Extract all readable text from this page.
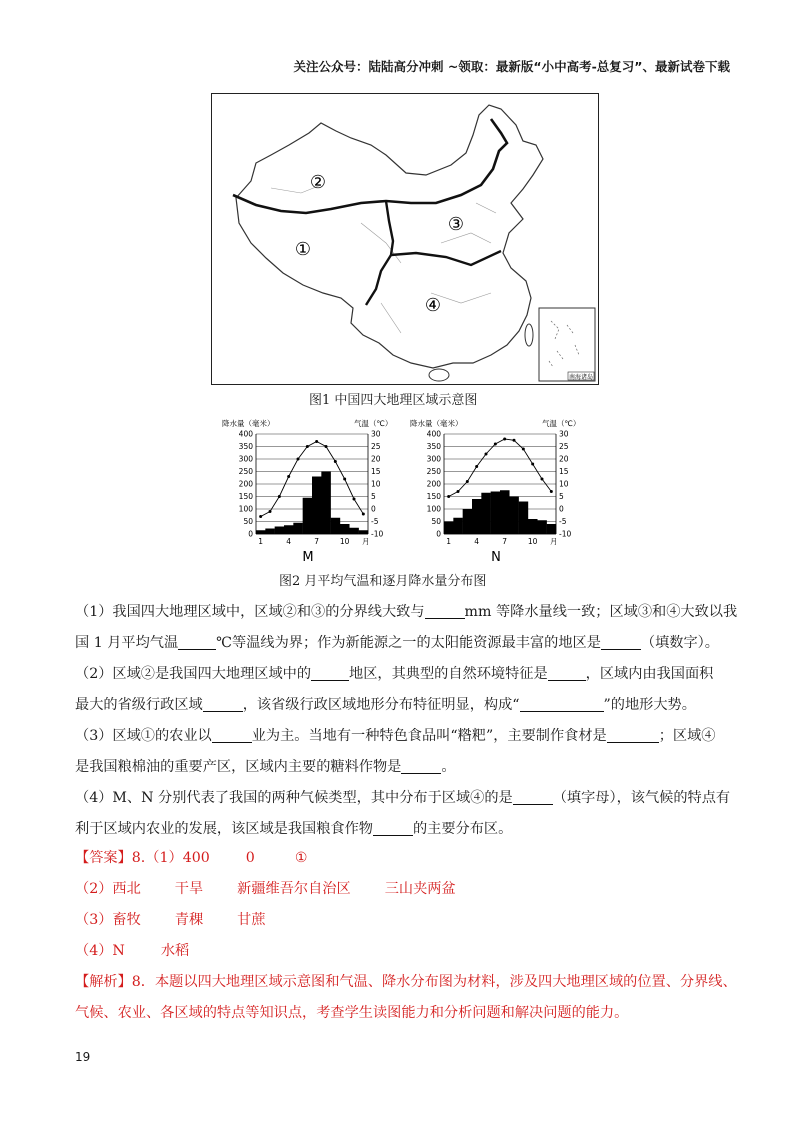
关注公众号：陆陆高分冲刺 ~领取：最新版“小中高考-总复习”、最新试卷下载
②
①
③
④
南海诸岛
图1 中国四大地理区域示意图
降水量（毫米）	气温（℃）
0
50
100
150
200
250
300
350
400
-10
-5
0
5
10
15
20
25
30
1	4	7	10 月
M
降水量（毫米）	气温（℃）
0
50
100
150
200
250
300
350
400
-10
-5
0
5
10
15
20
25
30
1	4	7	10 月
N
图2 月平均气温和逐月降水量分布图

（1）我国四大地理区域中，区域②和③的分界线大致与	mm 等降水量线一致；区域③和④大致以我

国 1 月平均气温	℃等温线为界；作为新能源之一的太阳能资源最丰富的地区是	（填数字）。

（2）区域②是我国四大地理区域中的	地区，其典型的自然环境特征是	，区域内由我国面积

最大的省级行政区域	，该省级行政区域地形分布特征明显，构成“	”的地形大势。

（3）区域①的农业以	业为主。当地有一种特色食品叫“糌粑”，主要制作食材是	；区域④

是我国粮棉油的重要产区，区域内主要的糖料作物是	。

（4）M、N 分别代表了我国的两种气候类型，其中分布于区域④的是	（填字母），该气候的特点有

利于区域内农业的发展，该区域是我国粮食作物	的主要分布区。

【答案】8.（1）400	0	①

（2）西北 干旱 新疆维吾尔自治区 三山夹两盆

（3）畜牧 青稞 甘蔗

（4）N	水稻

【解析】8．本题以四大地理区域示意图和气温、降水分布图为材料，涉及四大地理区域的位置、分界线、

气候、农业、各区域的特点等知识点，考查学生读图能力和分析问题和解决问题的能力。

19
